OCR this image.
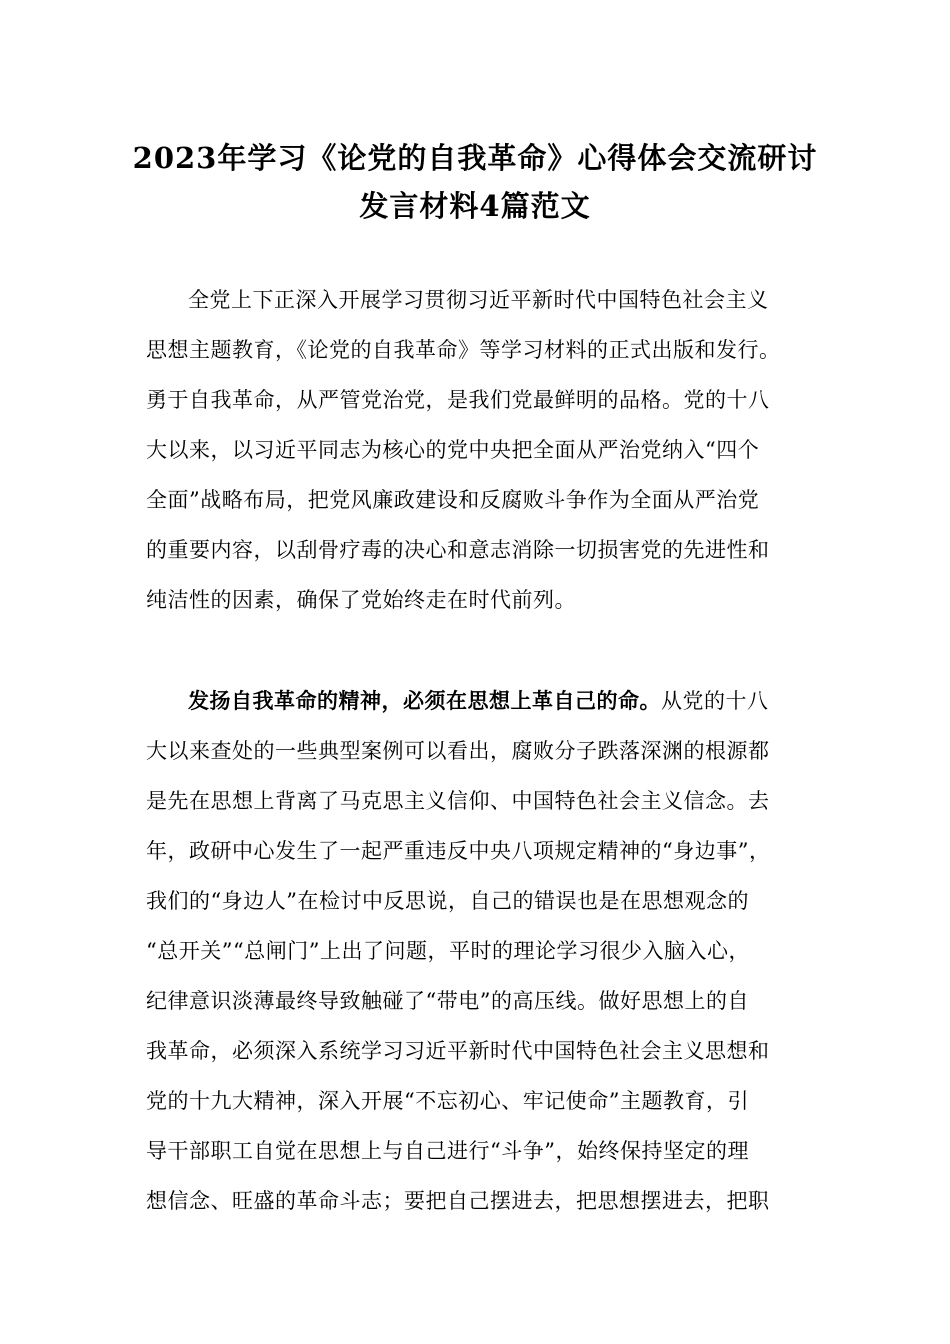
2023年学习《论党的自我革命》心得体会交流研讨
发言材料4篇范文
全党上下正深入开展学习贯彻习近平新时代中国特色社会主义
思想主题教育，《论党的自我革命》等学习材料的正式出版和发行。
勇于自我革命，从严管党治党，是我们党最鲜明的品格。党的十八
大以来，以习近平同志为核心的党中央把全面从严治党纳入“四个
全面”战略布局，把党风廉政建设和反腐败斗争作为全面从严治党
的重要内容，以刮骨疗毒的决心和意志消除一切损害党的先进性和
纯洁性的因素，确保了党始终走在时代前列。
发扬自我革命的精神，必须在思想上革自己的命。从党的十八
大以来查处的一些典型案例可以看出，腐败分子跌落深渊的根源都
是先在思想上背离了马克思主义信仰、中国特色社会主义信念。去
年，政研中心发生了一起严重违反中央八项规定精神的“身边事”，
我们的“身边人”在检讨中反思说，自己的错误也是在思想观念的
“总开关”“总闸门”上出了问题，平时的理论学习很少入脑入心，
纪律意识淡薄最终导致触碰了“带电”的高压线。做好思想上的自
我革命，必须深入系统学习习近平新时代中国特色社会主义思想和
党的十九大精神，深入开展“不忘初心、牢记使命”主题教育，引
导干部职工自觉在思想上与自己进行“斗争”，始终保持坚定的理
想信念、旺盛的革命斗志；要把自己摆进去，把思想摆进去，把职
